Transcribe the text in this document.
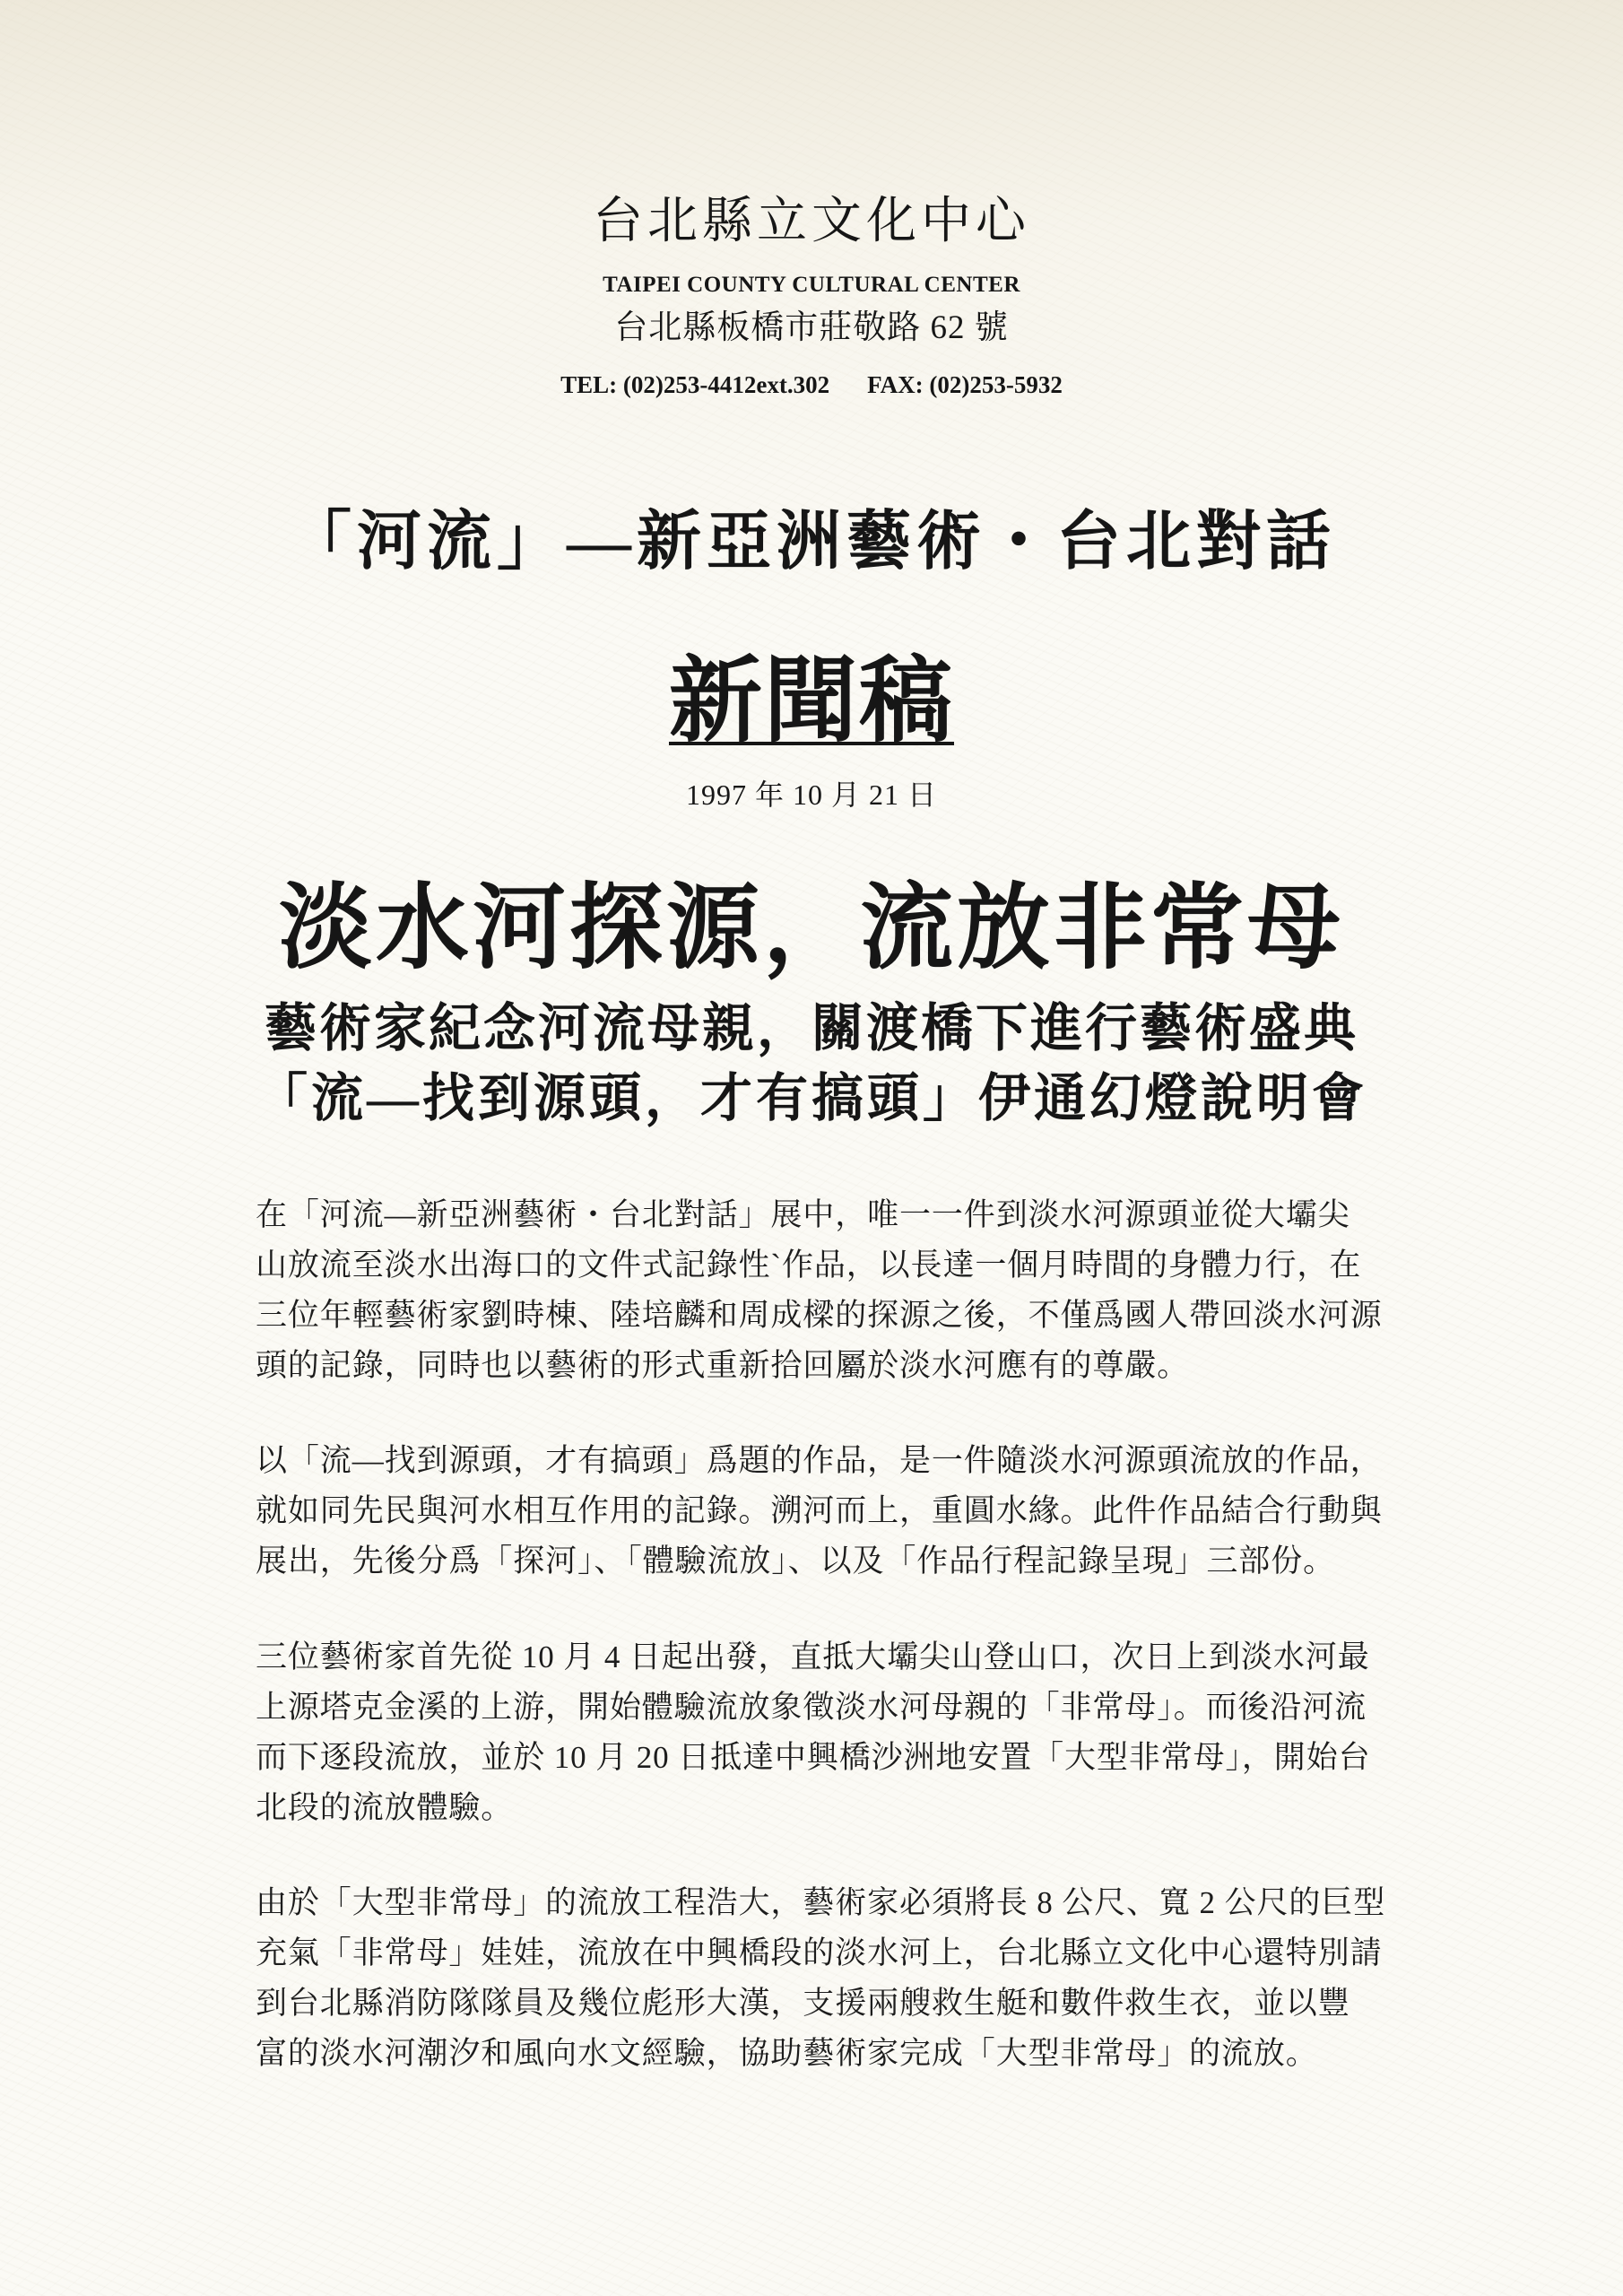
台北縣立文化中心
TAIPEI COUNTY CULTURAL CENTER
台北縣板橋市莊敬路 62 號
TEL: (02)253-4412ext.302 FAX: (02)253-5932
「河流」—新亞洲藝術・台北對話
新聞稿
1997 年 10 月 21 日
淡水河探源，流放非常母
藝術家紀念河流母親，關渡橋下進行藝術盛典
「流—找到源頭，才有搞頭」伊通幻燈說明會
在「河流—新亞洲藝術・台北對話」展中，唯一一件到淡水河源頭並從大壩尖
山放流至淡水出海口的文件式記錄性`作品，以長達一個月時間的身體力行，在
三位年輕藝術家劉時棟、陸培麟和周成樑的探源之後，不僅爲國人帶回淡水河源
頭的記錄，同時也以藝術的形式重新拾回屬於淡水河應有的尊嚴。
以「流—找到源頭，才有搞頭」爲題的作品，是一件隨淡水河源頭流放的作品，
就如同先民與河水相互作用的記錄。溯河而上，重圓水緣。此件作品結合行動與
展出，先後分爲「探河」、「體驗流放」、以及「作品行程記錄呈現」三部份。
三位藝術家首先從 10 月 4 日起出發，直抵大壩尖山登山口，次日上到淡水河最
上源塔克金溪的上游，開始體驗流放象徵淡水河母親的「非常母」。而後沿河流
而下逐段流放，並於 10 月 20 日抵達中興橋沙洲地安置「大型非常母」，開始台
北段的流放體驗。
由於「大型非常母」的流放工程浩大，藝術家必須將長 8 公尺、寬 2 公尺的巨型
充氣「非常母」娃娃，流放在中興橋段的淡水河上，台北縣立文化中心還特別請
到台北縣消防隊隊員及幾位彪形大漢，支援兩艘救生艇和數件救生衣，並以豐
富的淡水河潮汐和風向水文經驗，協助藝術家完成「大型非常母」的流放。
